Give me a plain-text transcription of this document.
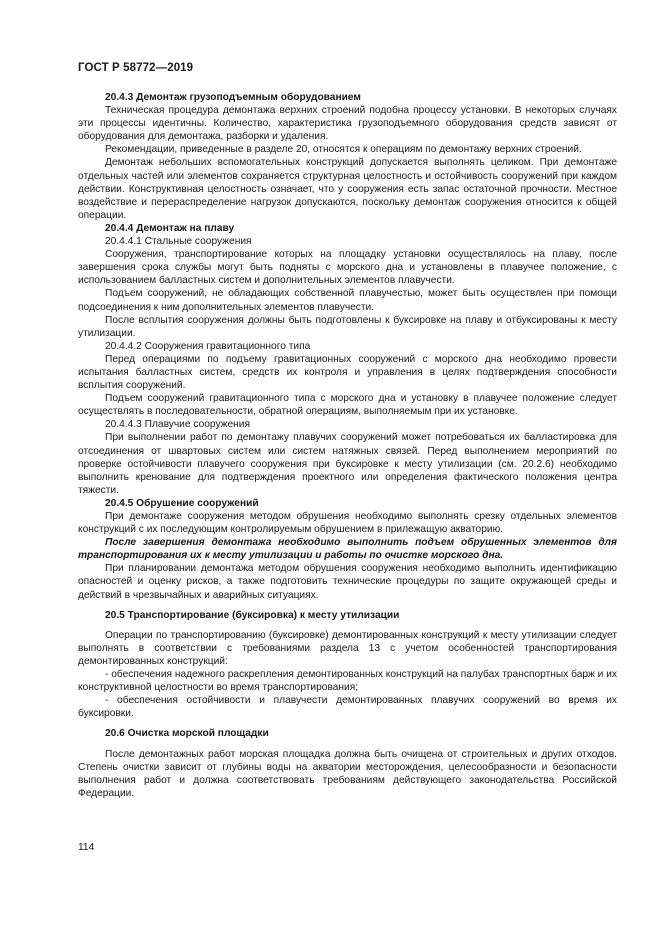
ГОСТ Р 58772—2019

20.4.3 Демонтаж грузоподъемным оборудованием

Техническая процедура демонтажа верхних строений подобна процессу установки. В некоторых случаях эти процессы идентичны. Количество, характеристика грузоподъемного оборудования средств зависят от оборудования для демонтажа, разборки и удаления.

Рекомендации, приведенные в разделе 20, относятся к операциям по демонтажу верхних строений.

Демонтаж небольших вспомогательных конструкций допускается выполнять целиком. При демонтаже отдельных частей или элементов сохраняется структурная целостность и остойчивость сооружений при каждом действии. Конструктивная целостность означает, что у сооружения есть запас остаточной прочности. Местное воздействие и перераспределение нагрузок допускаются, поскольку демонтаж сооружения относится к общей операции.

20.4.4 Демонтаж на плаву

20.4.4.1 Стальные сооружения

Сооружения, транспортирование которых на площадку установки осуществлялось на плаву, после завершения срока службы могут быть подняты с морского дна и установлены в плавучее положение, с использованием балластных систем и дополнительных элементов плавучести.

Подъем сооружений, не обладающих собственной плавучестью, может быть осуществлен при помощи подсоединения к ним дополнительных элементов плавучести.

После всплытия сооружения должны быть подготовлены к буксировке на плаву и отбуксированы к месту утилизации.

20.4.4.2 Сооружения гравитационного типа

Перед операциями по подъему гравитационных сооружений с морского дна необходимо провести испытания балластных систем, средств их контроля и управления в целях подтверждения способности всплытия сооружений.

Подъем сооружений гравитационного типа с морского дна и установку в плавучее положение следует осуществлять в последовательности, обратной операциям, выполняемым при их установке.

20.4.4.3 Плавучие сооружения

При выполнении работ по демонтажу плавучих сооружений может потребоваться их балластировка для отсоединения от швартовых систем или систем натяжных связей. Перед выполнением мероприятий по проверке остойчивости плавучего сооружения при буксировке к месту утилизации (см. 20.2.6) необходимо выполнить кренование для подтверждения проектного или определения фактического положения центра тяжести.

20.4.5 Обрушение сооружений

При демонтаже сооружения методом обрушения необходимо выполнять срезку отдельных элементов конструкций с их последующим контролируемым обрушением в прилежащую акваторию.

После завершения демонтажа необходимо выполнить подъем обрушенных элементов для транспортирования их к месту утилизации и работы по очистке морского дна.

При планировании демонтажа методом обрушения сооружения необходимо выполнить идентификацию опасностей и оценку рисков, а также подготовить технические процедуры по защите окружающей среды и действий в чрезвычайных и аварийных ситуациях.

20.5 Транспортирование (буксировка) к месту утилизации

Операции по транспортированию (буксировке) демонтированных конструкций к месту утилизации следует выполнять в соответствии с требованиями раздела 13 с учетом особенностей транспортирования демонтированных конструкций:

- обеспечения надежного раскрепления демонтированных конструкций на палубах транспортных барж и их конструктивной целостности во время транспортирования;

- обеспечения остойчивости и плавучести демонтированных плавучих сооружений во время их буксировки.

20.6 Очистка морской площадки

После демонтажных работ морская площадка должна быть очищена от строительных и других отходов. Степень очистки зависит от глубины воды на акватории месторождения, целесообразности и безопасности выполнения работ и должна соответствовать требованиям действующего законодательства Российской Федерации.

114
